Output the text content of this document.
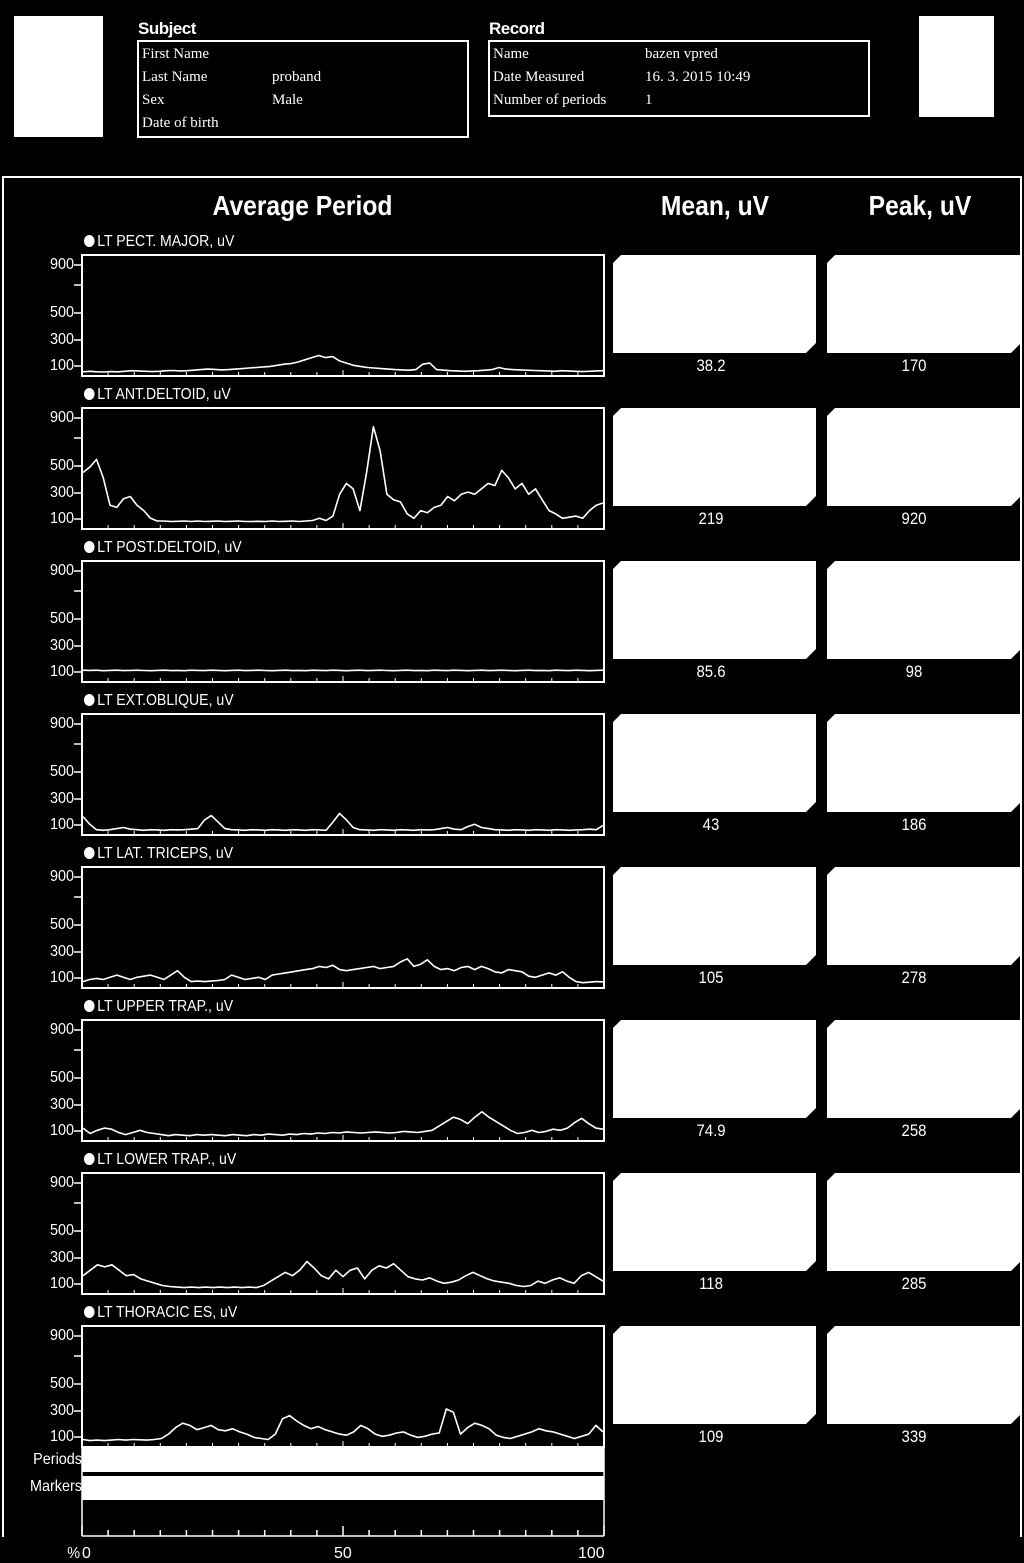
Subject
First Name
Last Name	proband
Sex	Male
Date of birth
Record
Name	bazen vpred
Date Measured	16. 3. 2015 10:49
Number of periods	1
Average Period	Mean, uV	Peak, uV
LT PECT. MAJOR, uV
900
500
300
100	38.2	170
LT ANT.DELTOID, uV
900
500
300
100	219	920
LT POST.DELTOID, uV
900
500
300
100	85.6	98
LT EXT.OBLIQUE, uV
900
500
300
100	43	186
LT LAT. TRICEPS, uV
900
500
300
100	105	278
LT UPPER TRAP., uV
900
500
300
100	74.9	258
LT LOWER TRAP., uV
900
500
300
100	118	285
LT THORACIC ES, uV
900
500
300
100	109	339
Periods
Markers
% 0	50	100
